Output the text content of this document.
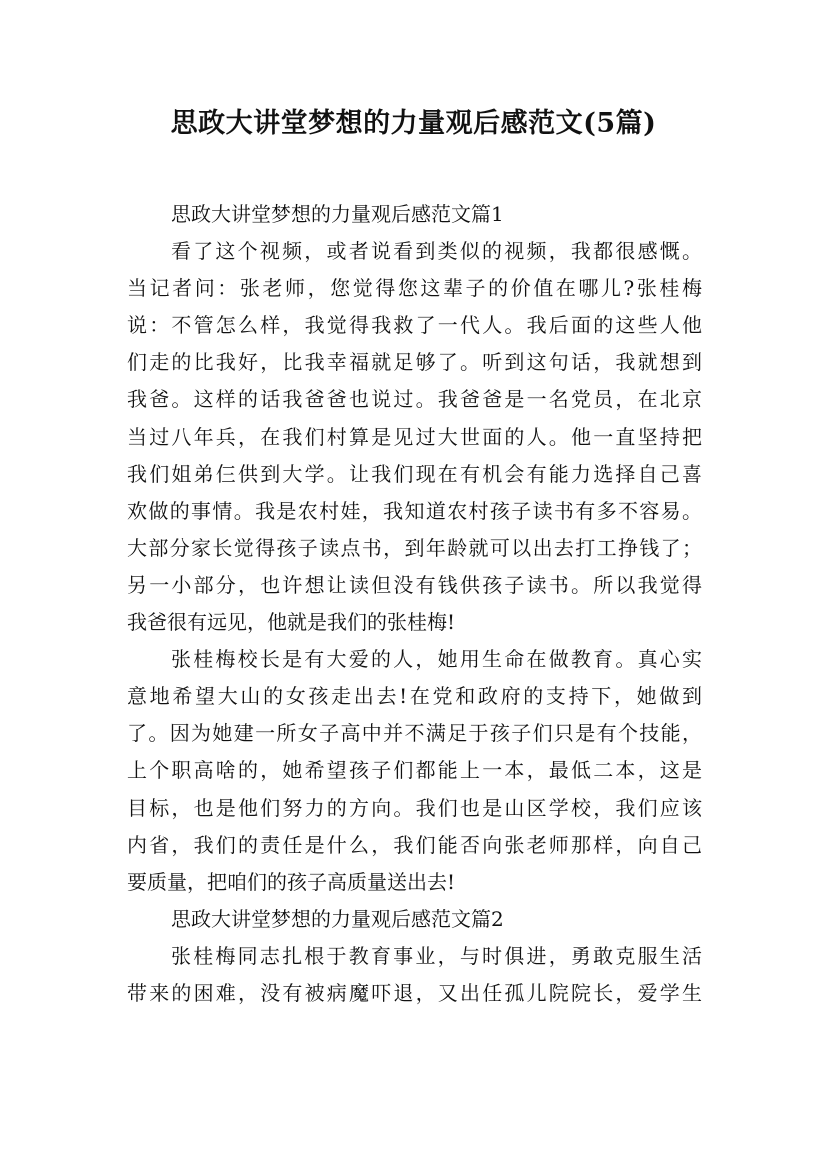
思政大讲堂梦想的力量观后感范文(5篇)
思政大讲堂梦想的力量观后感范文篇1
看了这个视频，或者说看到类似的视频，我都很感慨。
当记者问：张老师，您觉得您这辈子的价值在哪儿?张桂梅
说：不管怎么样，我觉得我救了一代人。我后面的这些人他
们走的比我好，比我幸福就足够了。听到这句话，我就想到
我爸。这样的话我爸爸也说过。我爸爸是一名党员，在北京
当过八年兵，在我们村算是见过大世面的人。他一直坚持把
我们姐弟仨供到大学。让我们现在有机会有能力选择自己喜
欢做的事情。我是农村娃，我知道农村孩子读书有多不容易。
大部分家长觉得孩子读点书，到年龄就可以出去打工挣钱了；
另一小部分，也许想让读但没有钱供孩子读书。所以我觉得
我爸很有远见，他就是我们的张桂梅!
张桂梅校长是有大爱的人，她用生命在做教育。真心实
意地希望大山的女孩走出去!在党和政府的支持下，她做到
了。因为她建一所女子高中并不满足于孩子们只是有个技能，
上个职高啥的，她希望孩子们都能上一本，最低二本，这是
目标，也是他们努力的方向。我们也是山区学校，我们应该
内省，我们的责任是什么，我们能否向张老师那样，向自己
要质量，把咱们的孩子高质量送出去!
思政大讲堂梦想的力量观后感范文篇2
张桂梅同志扎根于教育事业，与时俱进，勇敢克服生活
带来的困难，没有被病魔吓退，又出任孤儿院院长，爱学生
